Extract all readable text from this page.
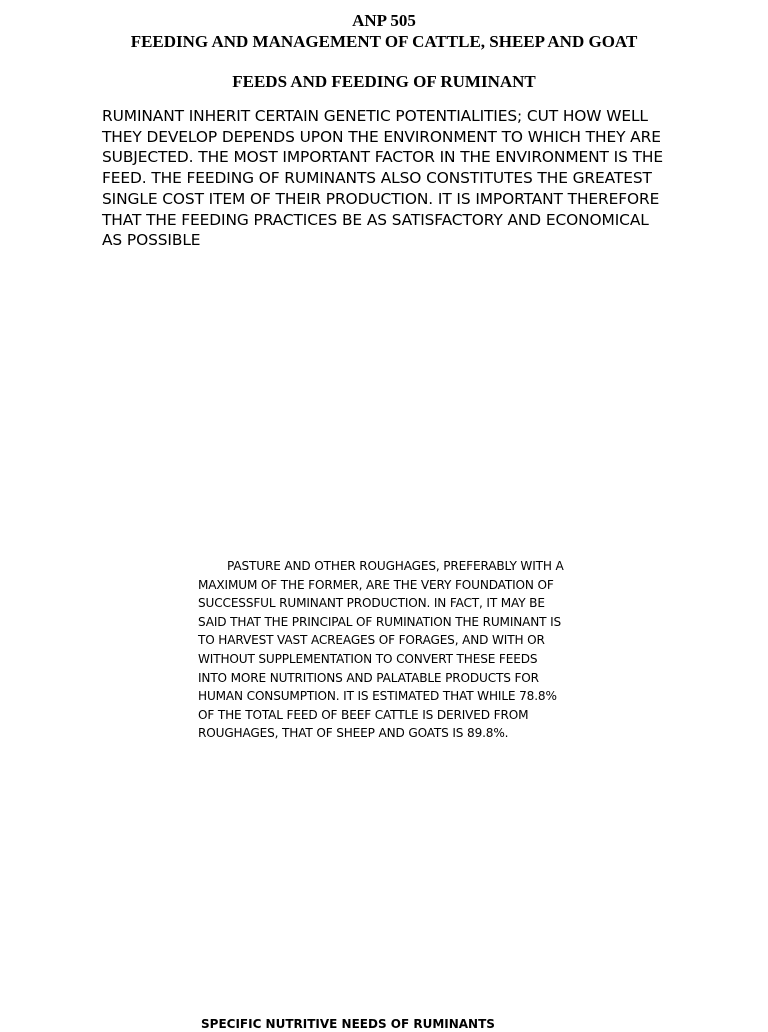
ANP 505
FEEDING AND MANAGEMENT OF CATTLE, SHEEP AND GOAT
FEEDS AND FEEDING OF RUMINANT

RUMINANT INHERIT CERTAIN GENETIC POTENTIALITIES; CUT HOW WELL THEY DEVELOP DEPENDS UPON THE ENVIRONMENT TO WHICH THEY ARE SUBJECTED. THE MOST IMPORTANT FACTOR IN THE ENVIRONMENT IS THE FEED. THE FEEDING OF RUMINANTS ALSO CONSTITUTES THE GREATEST SINGLE COST ITEM OF THEIR PRODUCTION. IT IS IMPORTANT THEREFORE THAT THE FEEDING PRACTICES BE AS SATISFACTORY AND ECONOMICAL AS POSSIBLE

PASTURE AND OTHER ROUGHAGES, PREFERABLY WITH A MAXIMUM OF THE FORMER, ARE THE VERY FOUNDATION OF SUCCESSFUL RUMINANT PRODUCTION. IN FACT, IT MAY BE SAID THAT THE PRINCIPAL OF RUMINATION THE RUMINANT IS TO HARVEST VAST ACREAGES OF FORAGES, AND WITH OR WITHOUT SUPPLEMENTATION TO CONVERT THESE FEEDS INTO MORE NUTRITIONS AND PALATABLE PRODUCTS FOR HUMAN CONSUMPTION. IT IS ESTIMATED THAT WHILE 78.8% OF THE TOTAL FEED OF BEEF CATTLE IS DERIVED FROM ROUGHAGES, THAT OF SHEEP AND GOATS IS 89.8%.

SPECIFIC NUTRITIVE NEEDS OF RUMINANTS
